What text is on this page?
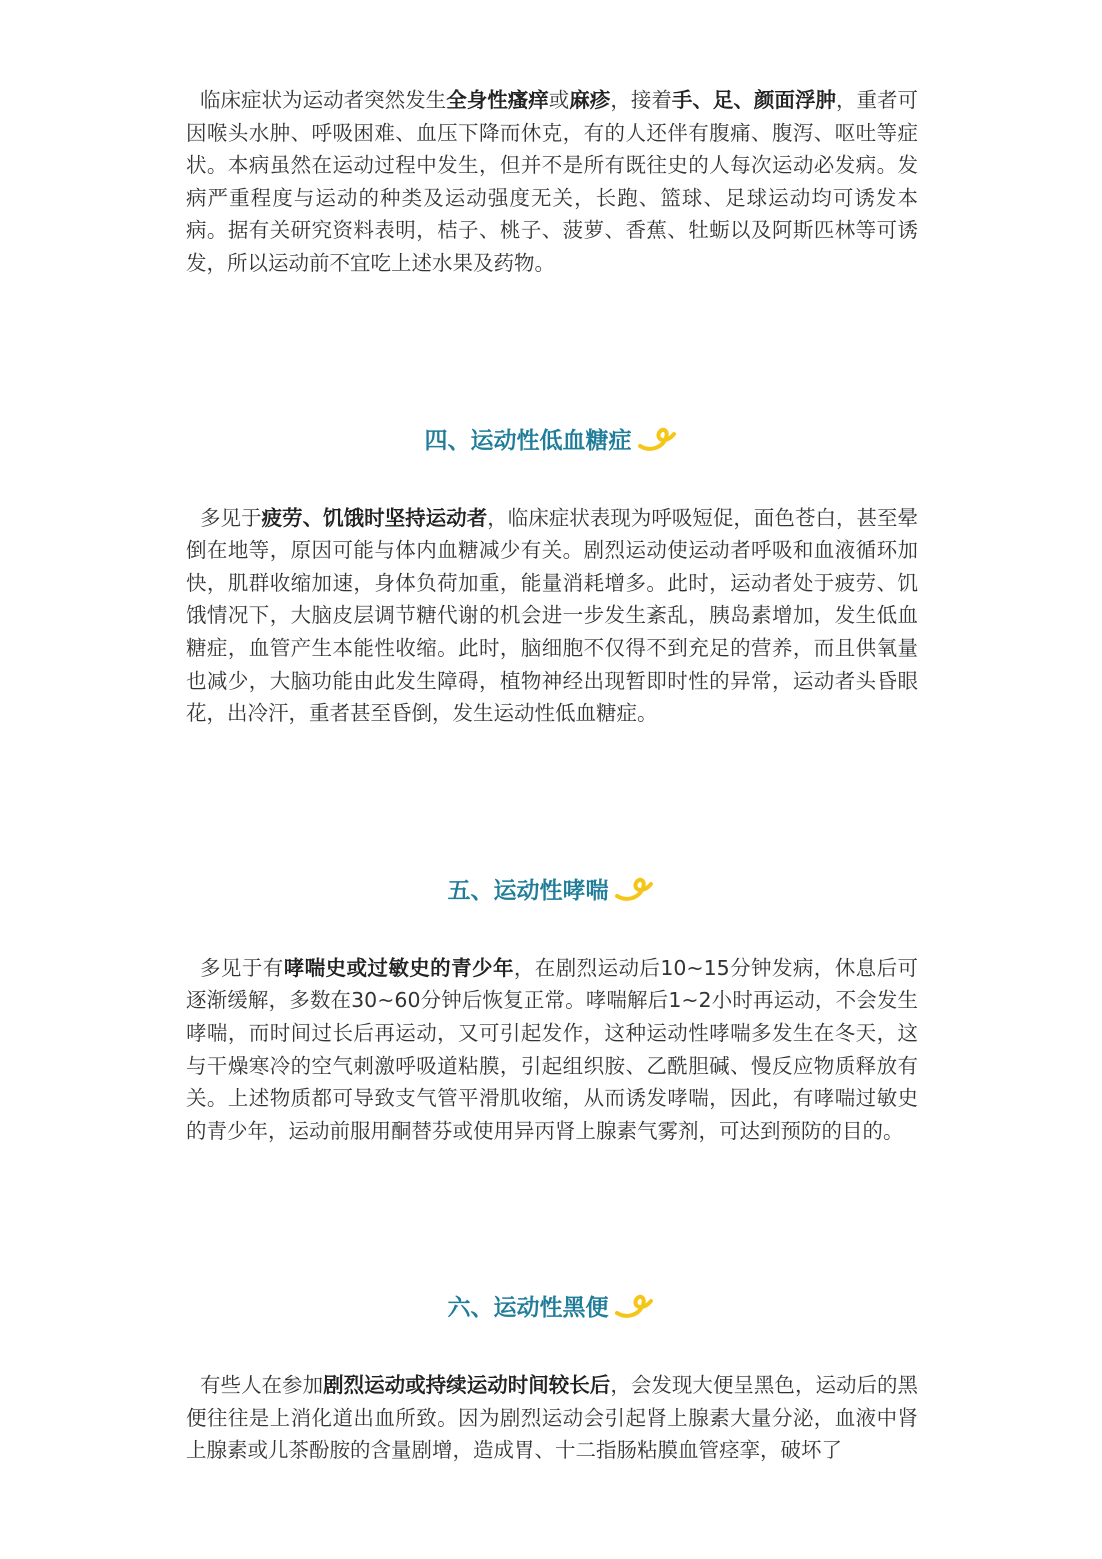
临床症状为运动者突然发生全身性瘙痒或麻疹，接着手、足、颜面浮肿，重者可因喉头水肿、呼吸困难、血压下降而休克，有的人还伴有腹痛、腹泻、呕吐等症状。本病虽然在运动过程中发生，但并不是所有既往史的人每次运动必发病。发病严重程度与运动的种类及运动强度无关，长跑、篮球、足球运动均可诱发本病。据有关研究资料表明，桔子、桃子、菠萝、香蕉、牡蛎以及阿斯匹林等可诱发，所以运动前不宜吃上述水果及药物。

四、运动性低血糖症

多见于疲劳、饥饿时坚持运动者，临床症状表现为呼吸短促，面色苍白，甚至晕倒在地等，原因可能与体内血糖减少有关。剧烈运动使运动者呼吸和血液循环加快，肌群收缩加速，身体负荷加重，能量消耗增多。此时，运动者处于疲劳、饥饿情况下，大脑皮层调节糖代谢的机会进一步发生紊乱，胰岛素增加，发生低血糖症，血管产生本能性收缩。此时，脑细胞不仅得不到充足的营养，而且供氧量也减少，大脑功能由此发生障碍，植物神经出现暂即时性的异常，运动者头昏眼花，出冷汗，重者甚至昏倒，发生运动性低血糖症。

五、运动性哮喘

多见于有哮喘史或过敏史的青少年，在剧烈运动后10~15分钟发病，休息后可逐渐缓解，多数在30~60分钟后恢复正常。哮喘解后1~2小时再运动，不会发生哮喘，而时间过长后再运动，又可引起发作，这种运动性哮喘多发生在冬天，这与干燥寒冷的空气刺激呼吸道粘膜，引起组织胺、乙酰胆碱、慢反应物质释放有关。上述物质都可导致支气管平滑肌收缩，从而诱发哮喘，因此，有哮喘过敏史的青少年，运动前服用酮替芬或使用异丙肾上腺素气雾剂，可达到预防的目的。

六、运动性黑便

有些人在参加剧烈运动或持续运动时间较长后，会发现大便呈黑色，运动后的黑便往往是上消化道出血所致。因为剧烈运动会引起肾上腺素大量分泌，血液中肾上腺素或儿茶酚胺的含量剧增，造成胃、十二指肠粘膜血管痉挛，破坏了
